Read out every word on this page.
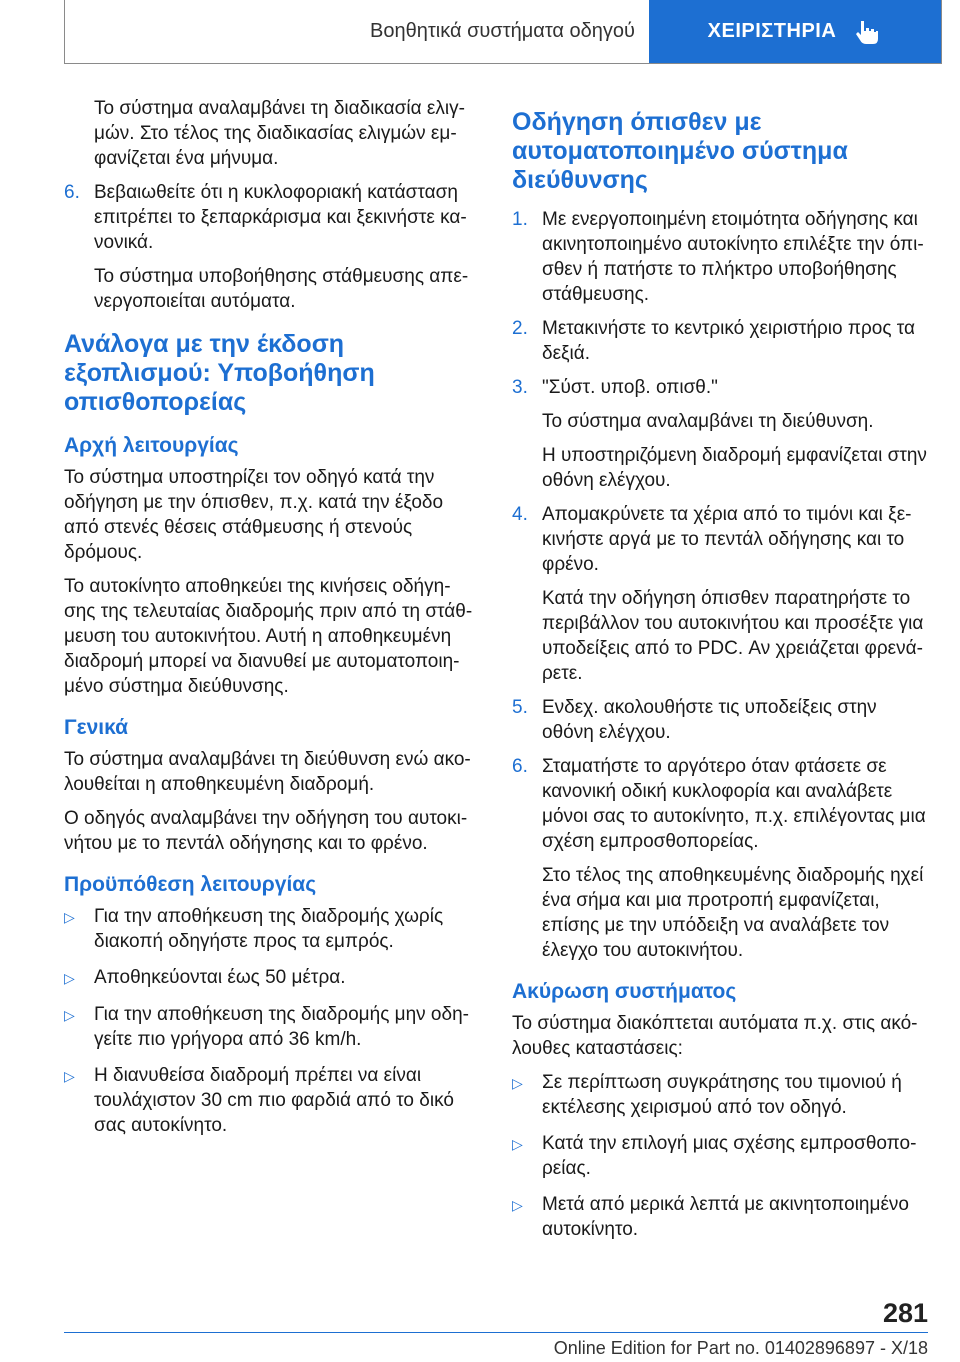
Βοηθητικά συστήματα οδηγού	ΧΕΙΡΙΣΤΗΡΙΑ

Το σύστημα αναλαμβάνει τη διαδικασία ελιγ-μών. Στο τέλος της διαδικασίας ελιγμών εμ-φανίζεται ένα μήνυμα.

6. Βεβαιωθείτε ότι η κυκλοφοριακή κατάσταση επιτρέπει το ξεπαρκάρισμα και ξεκινήστε κα-νονικά.

Το σύστημα υποβοήθησης στάθμευσης απε-νεργοποιείται αυτόματα.

Ανάλογα με την έκδοση εξοπλισμού: Υποβοήθηση οπισθοπορείας
Αρχή λειτουργίας

Το σύστημα υποστηρίζει τον οδηγό κατά την οδήγηση με την όπισθεν, π.χ. κατά την έξοδο από στενές θέσεις στάθμευσης ή στενούς δρόμους.

Το αυτοκίνητο αποθηκεύει της κινήσεις οδήγη-σης της τελευταίας διαδρομής πριν από τη στάθ-μευση του αυτοκινήτου. Αυτή η αποθηκευμένη διαδρομή μπορεί να διανυθεί με αυτοματοποιη-μένο σύστημα διεύθυνσης.

Γενικά

Το σύστημα αναλαμβάνει τη διεύθυνση ενώ ακο-λουθείται η αποθηκευμένη διαδρομή.

Ο οδηγός αναλαμβάνει την οδήγηση του αυτοκι-νήτου με το πεντάλ οδήγησης και το φρένο.

Προϋπόθεση λειτουργίας
▷	Για την αποθήκευση της διαδρομής χωρίς διακοπή οδηγήστε προς τα εμπρός.
▷	Αποθηκεύονται έως 50 μέτρα.
▷	Για την αποθήκευση της διαδρομής μην οδη-γείτε πιο γρήγορα από 36 km/h.
▷	Η διανυθείσα διαδρομή πρέπει να είναι τουλάχιστον 30 cm πιο φαρδιά από το δικό σας αυτοκίνητο.
Οδήγηση όπισθεν με αυτοματοποιημένο σύστημα διεύθυνσης
1. Με ενεργοποιημένη ετοιμότητα οδήγησης και ακινητοποιημένο αυτοκίνητο επιλέξτε την όπι-σθεν ή πατήστε το πλήκτρο υποβοήθησης στάθμευσης.
2. Μετακινήστε το κεντρικό χειριστήριο προς τα δεξιά.
3. "Σύστ. υποβ. οπισθ."

Το σύστημα αναλαμβάνει τη διεύθυνση.

Η υποστηριζόμενη διαδρομή εμφανίζεται στην οθόνη ελέγχου.

4. Απομακρύνετε τα χέρια από το τιμόνι και ξε-κινήστε αργά με το πεντάλ οδήγησης και το φρένο.

Κατά την οδήγηση όπισθεν παρατηρήστε το περιβάλλον του αυτοκινήτου και προσέξτε για υποδείξεις από το PDC. Αν χρειάζεται φρενά-ρετε.

5. Ενδεχ. ακολουθήστε τις υποδείξεις στην οθόνη ελέγχου.
6. Σταματήστε το αργότερο όταν φτάσετε σε κανονική οδική κυκλοφορία και αναλάβετε μόνοι σας το αυτοκίνητο, π.χ. επιλέγοντας μια σχέση εμπροσθοπορείας.

Στο τέλος της αποθηκευμένης διαδρομής ηχεί ένα σήμα και μια προτροπή εμφανίζεται, επίσης με την υπόδειξη να αναλάβετε τον έλεγχο του αυτοκινήτου.

Ακύρωση συστήματος

Το σύστημα διακόπτεται αυτόματα π.χ. στις ακό-λουθες καταστάσεις:

▷	Σε περίπτωση συγκράτησης του τιμονιού ή εκτέλεσης χειρισμού από τον οδηγό.
▷	Κατά την επιλογή μιας σχέσης εμπροσθοπο-ρείας.
▷	Μετά από μερικά λεπτά με ακινητοποιημένο αυτοκίνητο.
281
Online Edition for Part no. 01402896897 - X/18
